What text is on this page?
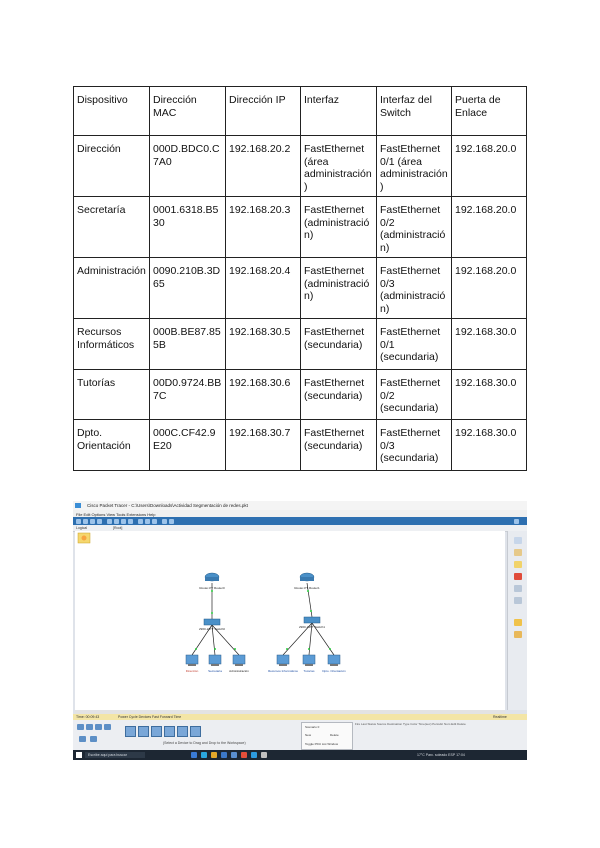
Dispositivo	Dirección MAC	Dirección IP	Interfaz	Interfaz del Switch	Puerta de Enlace
Dirección	000D.BDC0.C7A0	192.168.20.2	FastEthernet (área administración)	FastEthernet 0/1 (área administración)	192.168.20.0
Secretaría	0001.6318.B530	192.168.20.3	FastEthernet (administración)	FastEthernet 0/2 (administración)	192.168.20.0
Administración	0090.210B.3D65	192.168.20.4	FastEthernet (administración)	FastEthernet 0/3 (administración)	192.168.20.0
Recursos Informáticos	000B.BE87.855B	192.168.30.5	FastEthernet (secundaria)	FastEthernet 0/1 (secundaria)	192.168.30.0
Tutorías	00D0.9724.BB7C	192.168.30.6	FastEthernet (secundaria)	FastEthernet 0/2 (secundaria)	192.168.30.0
Dpto. Orientación	000C.CF42.9E20	192.168.30.7	FastEthernet (secundaria)	FastEthernet 0/3 (secundaria)	192.168.30.0
Cisco Packet Tracer - C:\Users\Downloads\Actividad Segmentación de redes.pkt
File Edit Options View Tools Extensions Help
Logical	[Root]
Router-PT Router0
2960-24TT Switch0
Router-PT Router1
2960-24TT Switch1
Dirección	Secretaría Administración	Recursos Informáticos Tutorías	Dpto. Orientación
Time: 00:09:43	Power Cycle Devices Fast Forward Time	Realtime
(Select a Device to Drag and Drop to the Workspace)
Scenario 0
New	Delete
Toggle PDU List Window
Fire Last Status Source Destination Type Color Time(sec) Periodic Num Edit Delete
Escribe aquí para buscar	17°C Parc. soleado ESP 17:04
